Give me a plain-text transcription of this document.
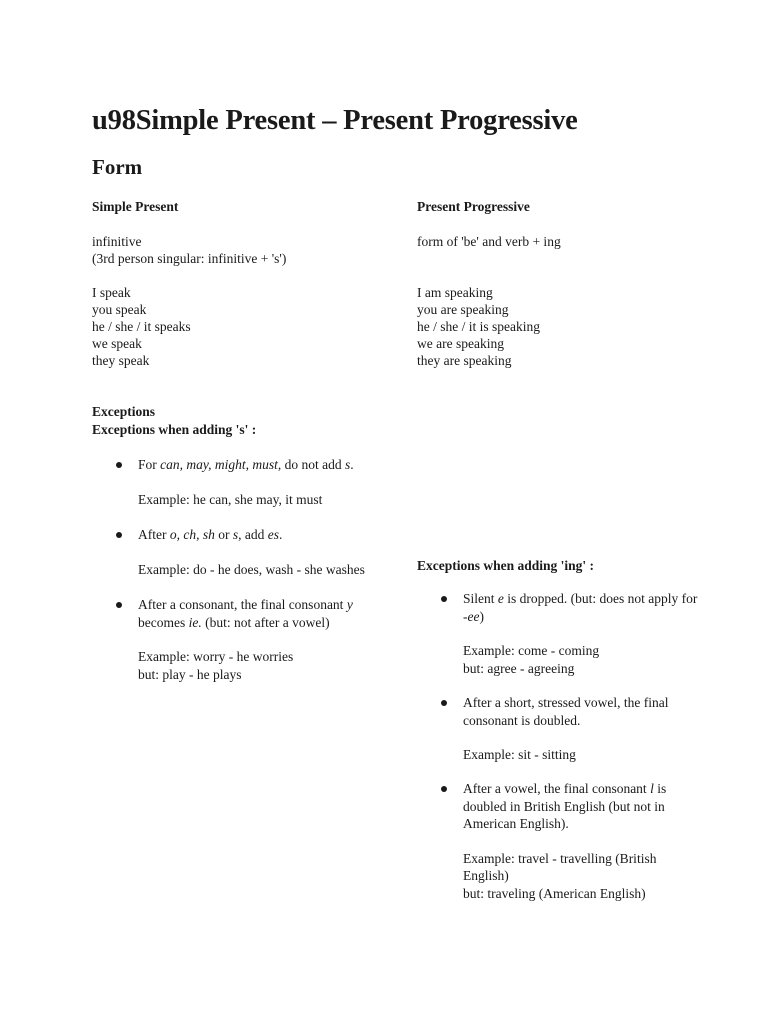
u98Simple Present – Present Progressive
Form
Simple Present	Present Progressive
infinitive
(3rd person singular: infinitive + 's')
form of 'be' and verb + ing
I speak
you speak
he / she / it speaks
we speak
they speak
I am speaking
you are speaking
he / she / it is speaking
we are speaking
they are speaking
Exceptions
Exceptions when adding 's' :
For can, may, might, must, do not add s.
Example: he can, she may, it must
After o, ch, sh or s, add es.
Example: do - he does, wash - she washes
After a consonant, the final consonant y
becomes ie. (but: not after a vowel)
Example: worry - he worries
but: play - he plays
Exceptions when adding 'ing' :
Silent e is dropped. (but: does not apply for
-ee)
Example: come - coming
but: agree - agreeing
After a short, stressed vowel, the final
consonant is doubled.
Example: sit - sitting
After a vowel, the final consonant l is
doubled in British English (but not in
American English).
Example: travel - travelling (British
English)
but: traveling (American English)
